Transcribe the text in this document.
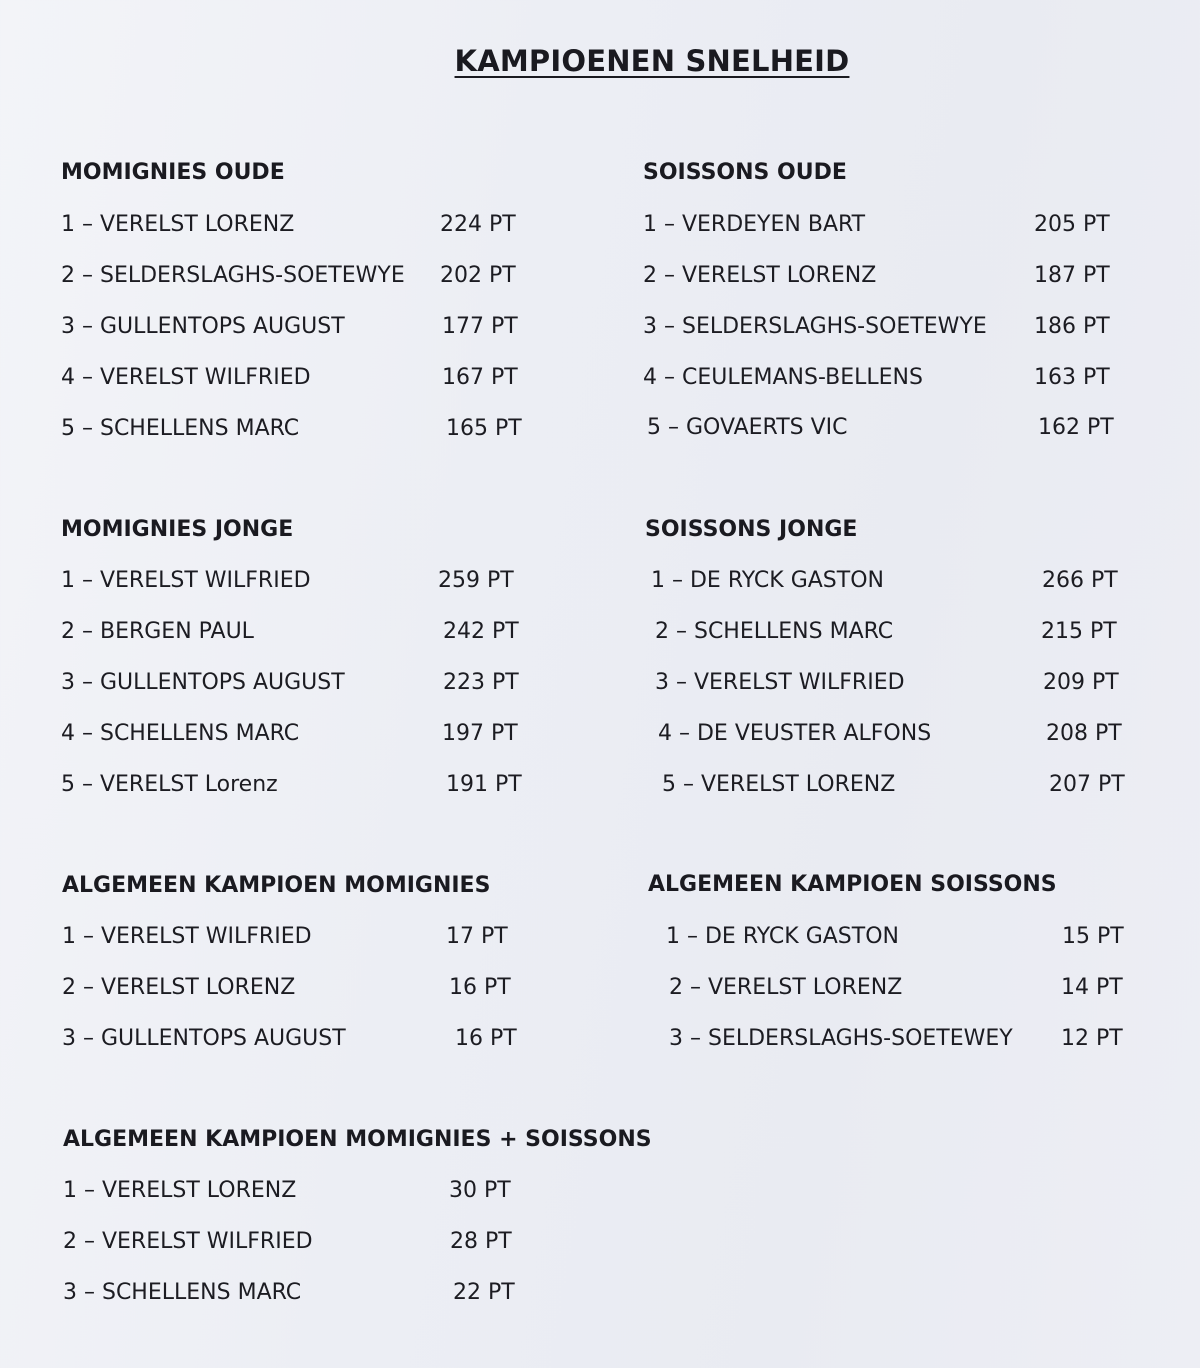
KAMPIOENEN SNELHEID
MOMIGNIES OUDE
1 – VERELST LORENZ	224 PT
2 – SELDERSLAGHS-SOETEWYE 202 PT
3 – GULLENTOPS AUGUST	177 PT
4 – VERELST WILFRIED	167 PT
5 – SCHELLENS MARC	165 PT
SOISSONS OUDE
1 – VERDEYEN BART	205 PT
2 – VERELST LORENZ	187 PT
3 – SELDERSLAGHS-SOETEWYE 186 PT
4 – CEULEMANS-BELLENS	163 PT
5 – GOVAERTS VIC	162 PT
MOMIGNIES JONGE
1 – VERELST WILFRIED	259 PT
2 – BERGEN PAUL	242 PT
3 – GULLENTOPS AUGUST	223 PT
4 – SCHELLENS MARC	197 PT
5 – VERELST Lorenz	191 PT
SOISSONS JONGE
1 – DE RYCK GASTON	266 PT
2 – SCHELLENS MARC	215 PT
3 – VERELST WILFRIED	209 PT
4 – DE VEUSTER ALFONS	208 PT
5 – VERELST LORENZ	207 PT
ALGEMEEN KAMPIOEN MOMIGNIES
1 – VERELST WILFRIED	17 PT
2 – VERELST LORENZ	16 PT
3 – GULLENTOPS AUGUST	16 PT
ALGEMEEN KAMPIOEN SOISSONS
1 – DE RYCK GASTON	15 PT
2 – VERELST LORENZ	14 PT
3 – SELDERSLAGHS-SOETEWEY 12 PT
ALGEMEEN KAMPIOEN MOMIGNIES + SOISSONS
1 – VERELST LORENZ	30 PT
2 – VERELST WILFRIED	28 PT
3 – SCHELLENS MARC	22 PT
